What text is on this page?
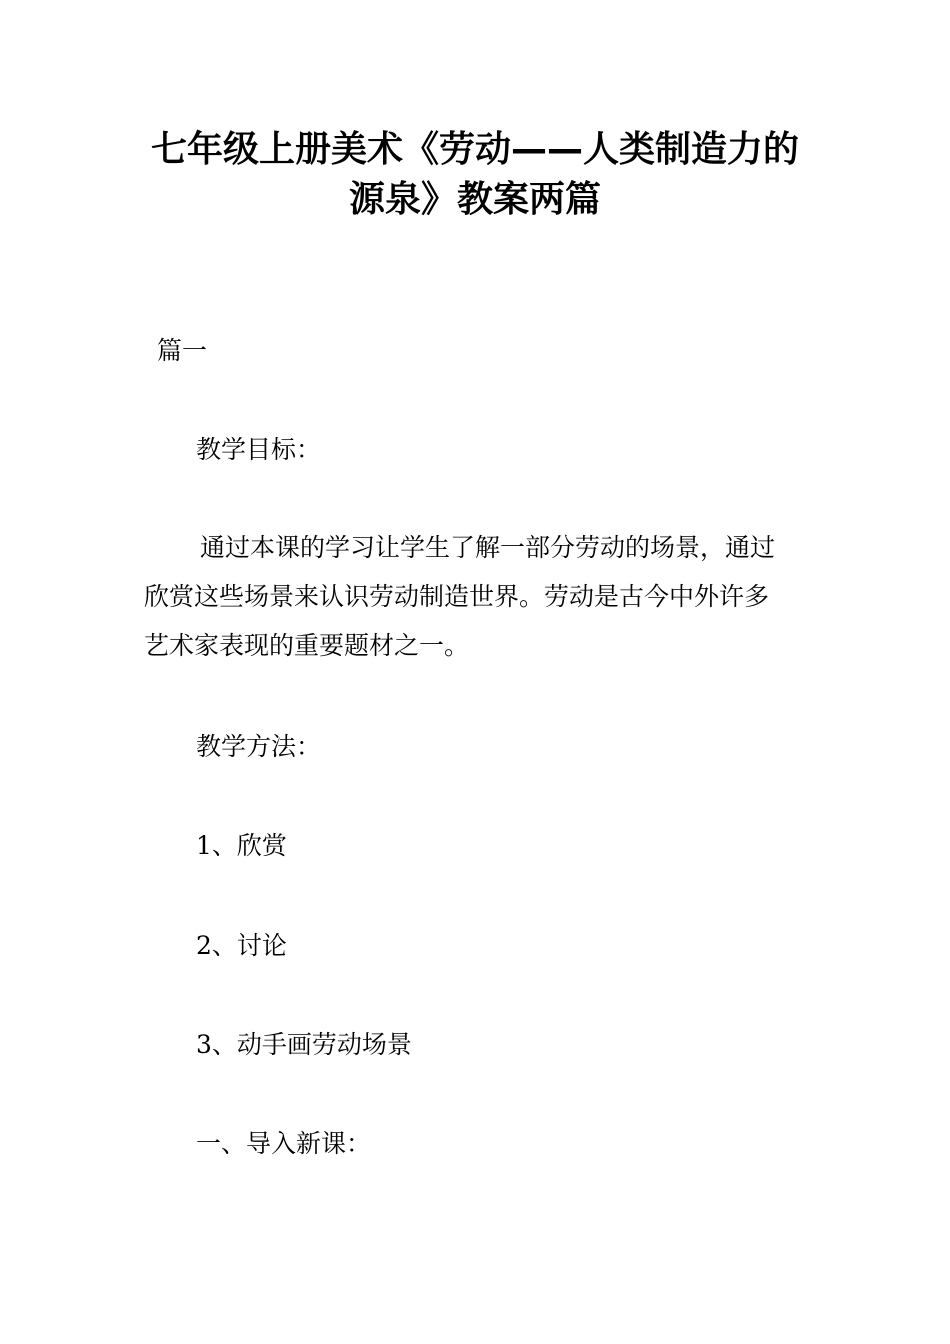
七年级上册美术《劳动——人类制造力的
源泉》教案两篇

篇一

教学目标：

通过本课的学习让学生了解一部分劳动的场景，通过
欣赏这些场景来认识劳动制造世界。劳动是古今中外许多
艺术家表现的重要题材之一。

教学方法：

1、欣赏

2、讨论

3、动手画劳动场景

一、导入新课：
